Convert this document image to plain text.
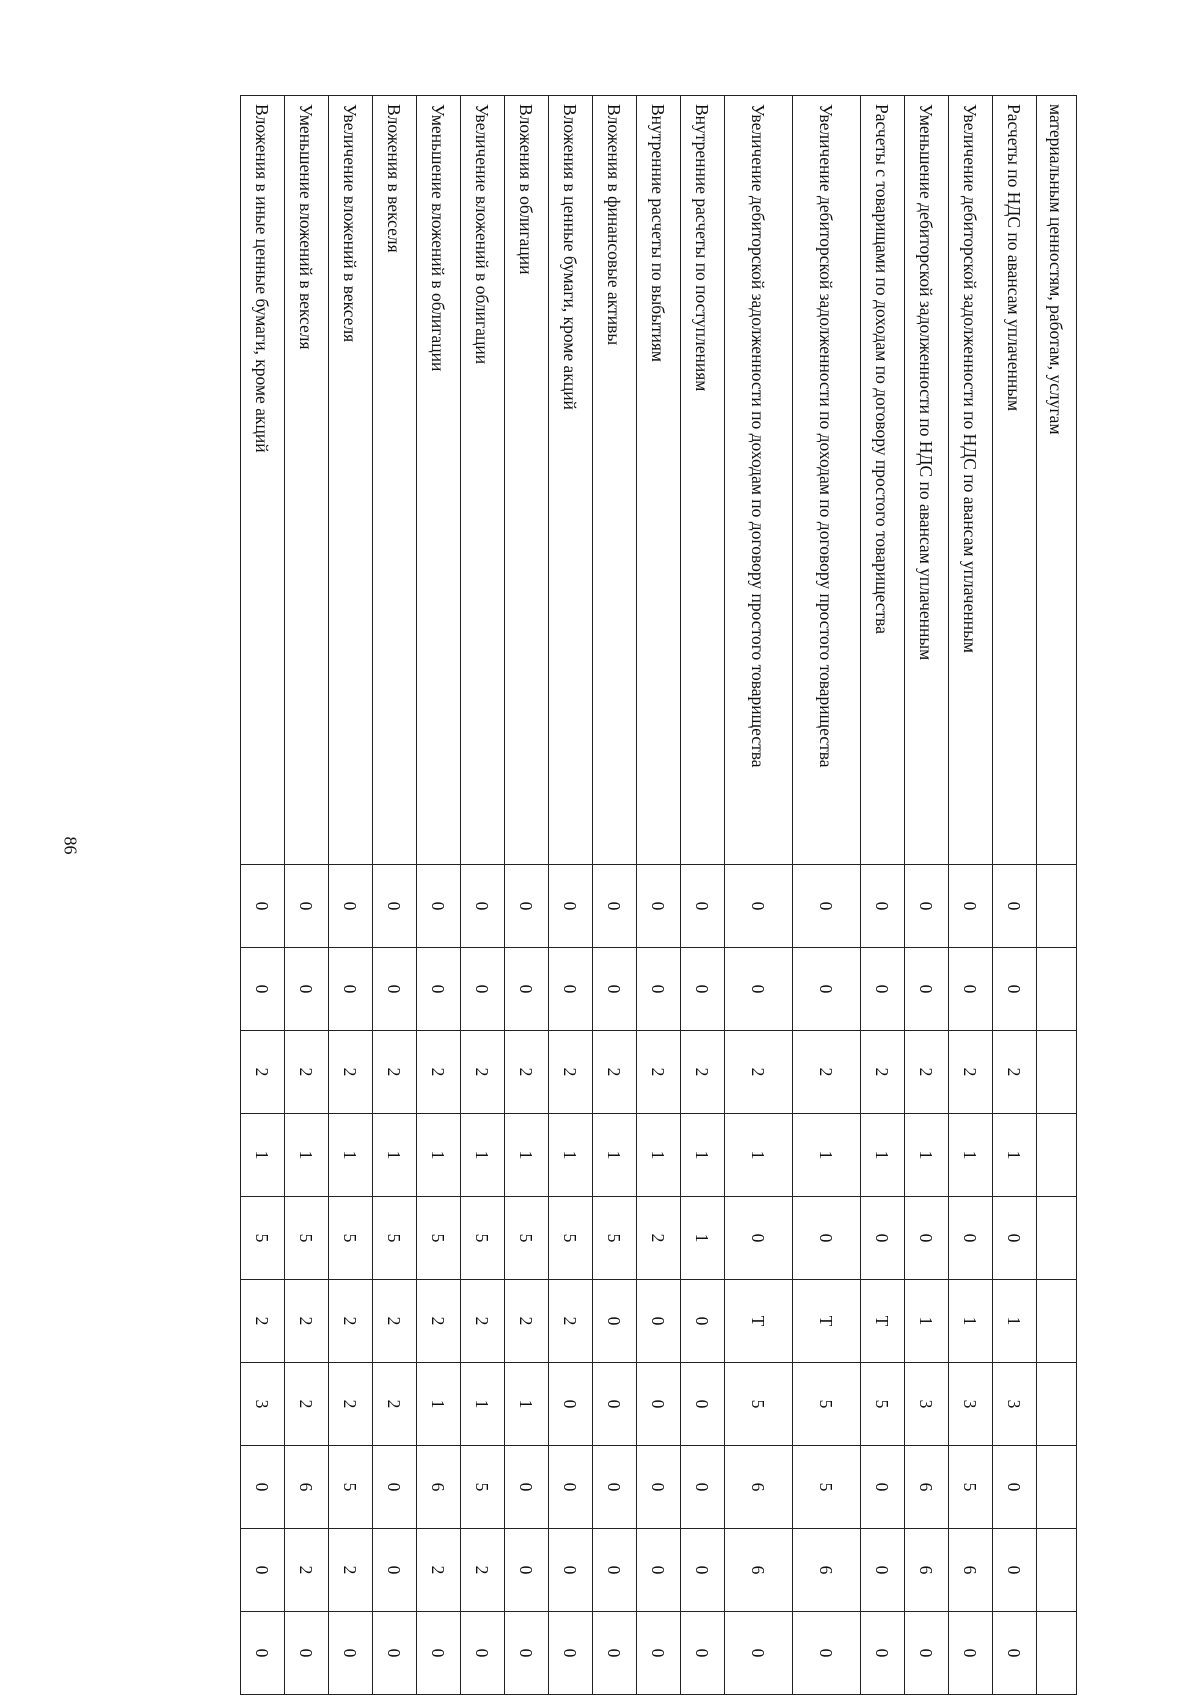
86
материальным ценностям, работам, услугам										
Расчеты по НДС по авансам уплаченным	0	0	2	1	0	1	3	0	0	0
Увеличение дебиторской задолженности по НДС по авансам уплаченным	0	0	2	1	0	1	3	5	6	0
Уменьшение дебиторской задолженности по НДС по авансам уплаченным	0	0	2	1	0	1	3	6	6	0
Расчеты с товарищами по доходам по договору простого товарищества	0	0	2	1	0	Т	5	0	0	0
Увеличение дебиторской задолженности по доходам по договору простого товарищества	0	0	2	1	0	Т	5	5	6	0
Увеличение дебиторской задолженности по доходам по договору простого товарищества	0	0	2	1	0	Т	5	6	6	0
Внутренние расчеты по поступлениям	0	0	2	1	1	0	0	0	0	0
Внутренние расчеты по выбытиям	0	0	2	1	2	0	0	0	0	0
Вложения в финансовые активы	0	0	2	1	5	0	0	0	0	0
Вложения в ценные бумаги, кроме акций	0	0	2	1	5	2	0	0	0	0
Вложения в облигации	0	0	2	1	5	2	1	0	0	0
Увеличение вложений в облигации	0	0	2	1	5	2	1	5	2	0
Уменьшение вложений в облигации	0	0	2	1	5	2	1	6	2	0
Вложения в векселя	0	0	2	1	5	2	2	0	0	0
Увеличение вложений в векселя	0	0	2	1	5	2	2	5	2	0
Уменьшение вложений в векселя	0	0	2	1	5	2	2	6	2	0
Вложения в иные ценные бумаги, кроме акций	0	0	2	1	5	2	3	0	0	0
